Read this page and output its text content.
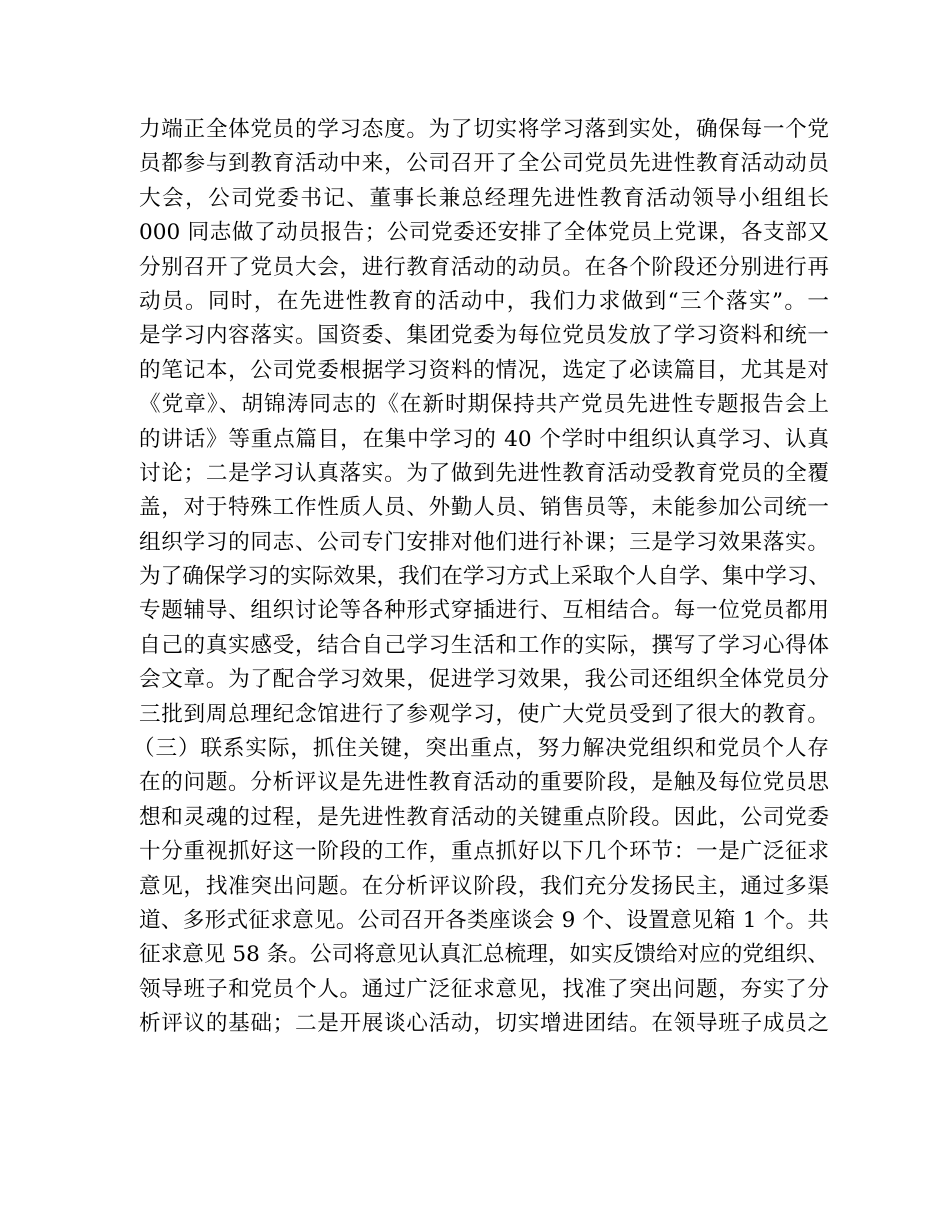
力端正全体党员的学习态度。为了切实将学习落到实处，确保每一个党
员都参与到教育活动中来，公司召开了全公司党员先进性教育活动动员
大会，公司党委书记、董事长兼总经理先进性教育活动领导小组组长
000 同志做了动员报告；公司党委还安排了全体党员上党课，各支部又
分别召开了党员大会，进行教育活动的动员。在各个阶段还分别进行再
动员。同时，在先进性教育的活动中，我们力求做到“三个落实”。一
是学习内容落实。国资委、集团党委为每位党员发放了学习资料和统一
的笔记本，公司党委根据学习资料的情况，选定了必读篇目，尤其是对
《党章》、胡锦涛同志的《在新时期保持共产党员先进性专题报告会上
的讲话》等重点篇目，在集中学习的 40 个学时中组织认真学习、认真
讨论；二是学习认真落实。为了做到先进性教育活动受教育党员的全覆
盖，对于特殊工作性质人员、外勤人员、销售员等，未能参加公司统一
组织学习的同志、公司专门安排对他们进行补课；三是学习效果落实。
为了确保学习的实际效果，我们在学习方式上采取个人自学、集中学习、
专题辅导、组织讨论等各种形式穿插进行、互相结合。每一位党员都用
自己的真实感受，结合自己学习生活和工作的实际，撰写了学习心得体
会文章。为了配合学习效果，促进学习效果，我公司还组织全体党员分
三批到周总理纪念馆进行了参观学习，使广大党员受到了很大的教育。
（三）联系实际，抓住关键，突出重点，努力解决党组织和党员个人存
在的问题。分析评议是先进性教育活动的重要阶段，是触及每位党员思
想和灵魂的过程，是先进性教育活动的关键重点阶段。因此，公司党委
十分重视抓好这一阶段的工作，重点抓好以下几个环节：一是广泛征求
意见，找准突出问题。在分析评议阶段，我们充分发扬民主，通过多渠
道、多形式征求意见。公司召开各类座谈会 9 个、设置意见箱 1 个。共
征求意见 58 条。公司将意见认真汇总梳理，如实反馈给对应的党组织、
领导班子和党员个人。通过广泛征求意见，找准了突出问题，夯实了分
析评议的基础；二是开展谈心活动，切实增进团结。在领导班子成员之
